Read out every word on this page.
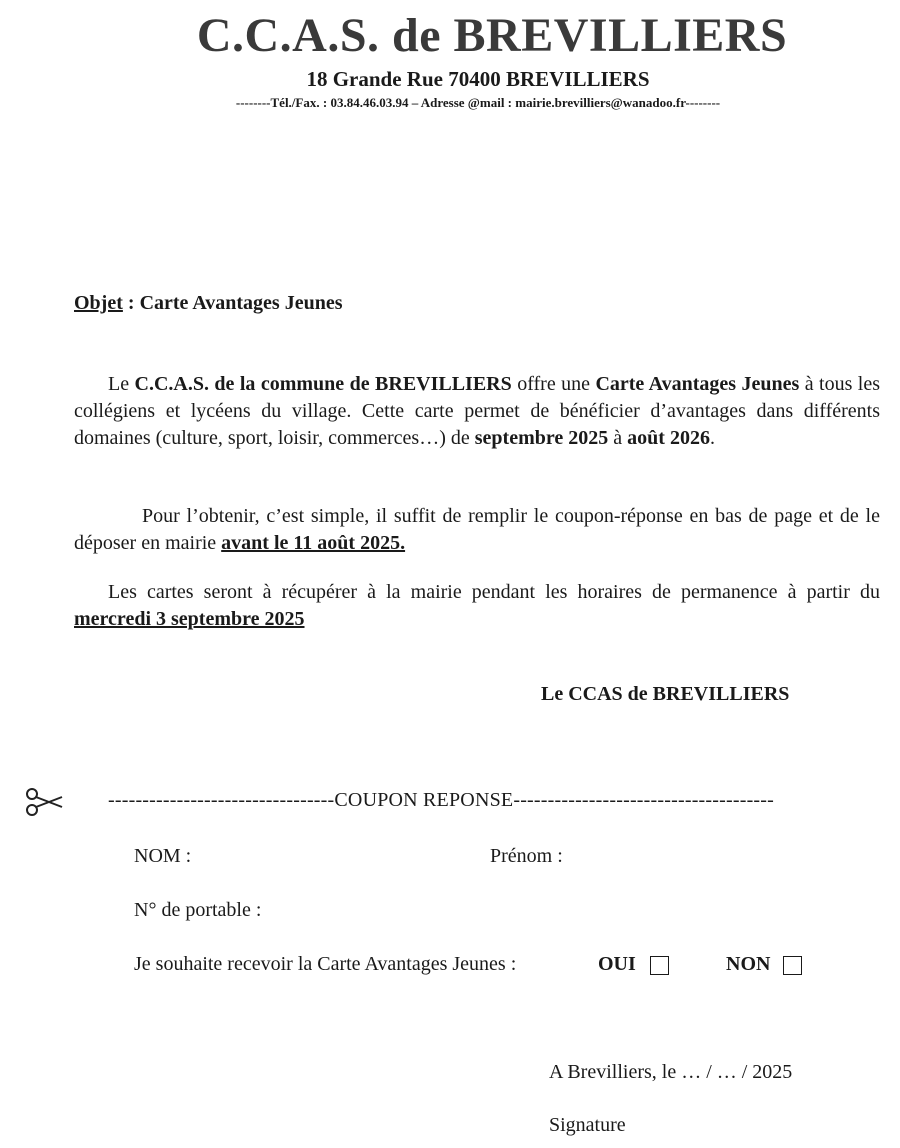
C.C.A.S. de BREVILLIERS
18 Grande Rue 70400 BREVILLIERS
--------Tél./Fax. : 03.84.46.03.94 – Adresse @mail : mairie.brevilliers@wanadoo.fr--------
Objet : Carte Avantages Jeunes
Le C.C.A.S. de la commune de BREVILLIERS offre une Carte Avantages Jeunes à tous les collégiens et lycéens du village. Cette carte permet de bénéficier d’avantages dans différents domaines (culture, sport, loisir, commerces…) de septembre 2025 à août 2026.
Pour l’obtenir, c’est simple, il suffit de remplir le coupon-réponse en bas de page et de le déposer en mairie avant le 11 août 2025.
Les cartes seront à récupérer à la mairie pendant les horaires de permanence à partir du mercredi 3 septembre 2025
Le CCAS de BREVILLIERS
---------------------------------COUPON REPONSE--------------------------------------
NOM :	Prénom :
N° de portable :
Je souhaite recevoir la Carte Avantages Jeunes :	OUI	NON
A Brevilliers, le … / … / 2025
Signature
